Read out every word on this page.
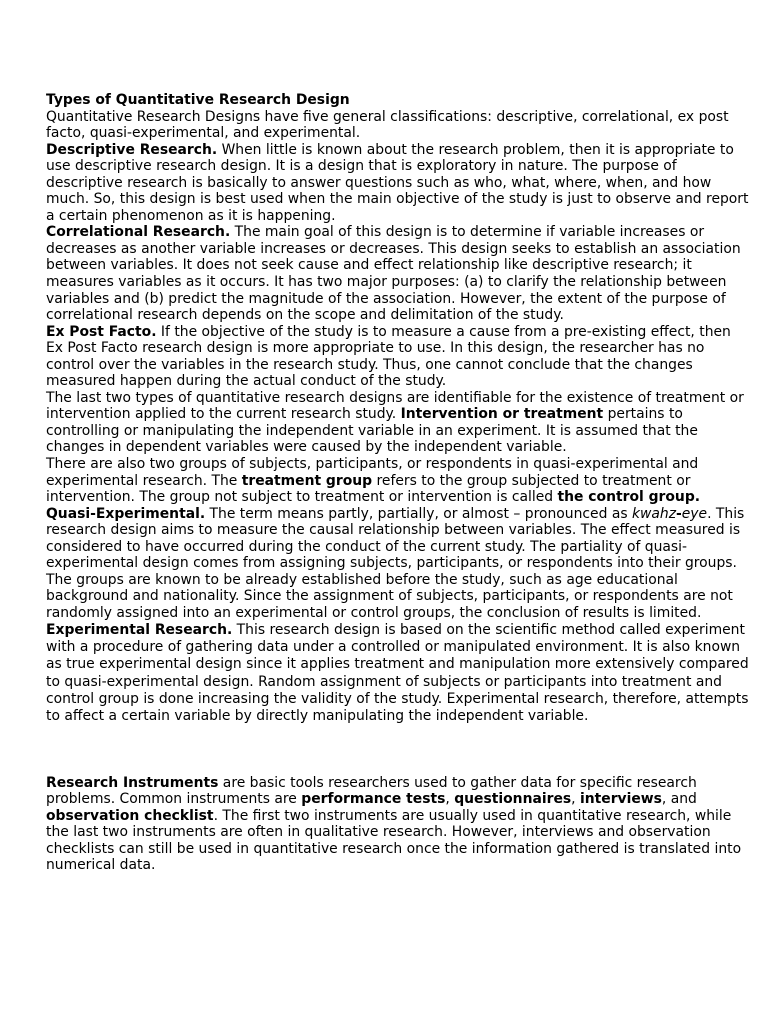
Types of Quantitative Research Design

Quantitative Research Designs have five general classifications: descriptive, correlational, ex post facto, quasi-experimental, and experimental.

Descriptive Research. When little is known about the research problem, then it is appropriate to use descriptive research design. It is a design that is exploratory in nature. The purpose of descriptive research is basically to answer questions such as who, what, where, when, and how much. So, this design is best used when the main objective of the study is just to observe and report a certain phenomenon as it is happening.

Correlational Research. The main goal of this design is to determine if variable increases or decreases as another variable increases or decreases. This design seeks to establish an association between variables. It does not seek cause and effect relationship like descriptive research; it measures variables as it occurs. It has two major purposes: (a) to clarify the relationship between variables and (b) predict the magnitude of the association. However, the extent of the purpose of correlational research depends on the scope and delimitation of the study.

Ex Post Facto. If the objective of the study is to measure a cause from a pre-existing effect, then Ex Post Facto research design is more appropriate to use. In this design, the researcher has no control over the variables in the research study. Thus, one cannot conclude that the changes measured happen during the actual conduct of the study.

The last two types of quantitative research designs are identifiable for the existence of treatment or intervention applied to the current research study. Intervention or treatment pertains to controlling or manipulating the independent variable in an experiment. It is assumed that the changes in dependent variables were caused by the independent variable.

There are also two groups of subjects, participants, or respondents in quasi-experimental and experimental research. The treatment group refers to the group subjected to treatment or intervention. The group not subject to treatment or intervention is called the control group.

Quasi-Experimental. The term means partly, partially, or almost – pronounced as kwahz-eye. This research design aims to measure the causal relationship between variables. The effect measured is considered to have occurred during the conduct of the current study. The partiality of quasi-experimental design comes from assigning subjects, participants, or respondents into their groups. The groups are known to be already established before the study, such as age educational background and nationality. Since the assignment of subjects, participants, or respondents are not randomly assigned into an experimental or control groups, the conclusion of results is limited.

Experimental Research. This research design is based on the scientific method called experiment with a procedure of gathering data under a controlled or manipulated environment. It is also known as true experimental design since it applies treatment and manipulation more extensively compared to quasi-experimental design. Random assignment of subjects or participants into treatment and control group is done increasing the validity of the study. Experimental research, therefore, attempts to affect a certain variable by directly manipulating the independent variable.

Research Instruments are basic tools researchers used to gather data for specific research problems. Common instruments are performance tests, questionnaires, interviews, and observation checklist. The first two instruments are usually used in quantitative research, while the last two instruments are often in qualitative research. However, interviews and observation checklists can still be used in quantitative research once the information gathered is translated into numerical data.
